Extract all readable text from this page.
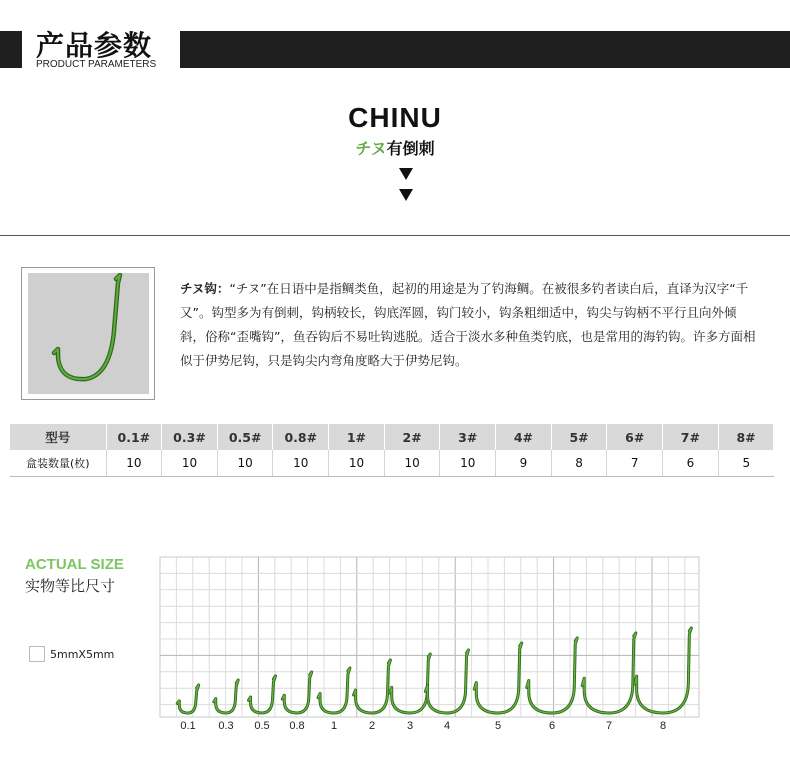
产品参数
PRODUCT PARAMETERS
CHINU
チヌ有倒刺
チヌ钩：“チヌ”在日语中是指鲷类鱼，起初的用途是为了钓海鲷。在被很多钓者读白后，直译为汉字“千又”。钩型多为有倒刺，钩柄较长，钩底浑圆，钩门较小，钩条粗细适中，钩尖与钩柄不平行且向外倾斜，俗称“歪嘴钩”，鱼吞钩后不易吐钩逃脱。适合于淡水多种鱼类钓底，也是常用的海钓钩。许多方面相似于伊势尼钩，只是钩尖内弯角度略大于伊势尼钩。
型号	0.1#	0.3#	0.5#	0.8#	1#	2#	3#	4#	5#	6#	7#	8#
盒装数量(枚)	10	10	10	10	10	10	10	9	8	7	6	5
ACTUAL SIZE
实物等比尺寸
5mmX5mm
0.1 0.3 0.5 0.8 1	2	3	4	5	6	7	8
